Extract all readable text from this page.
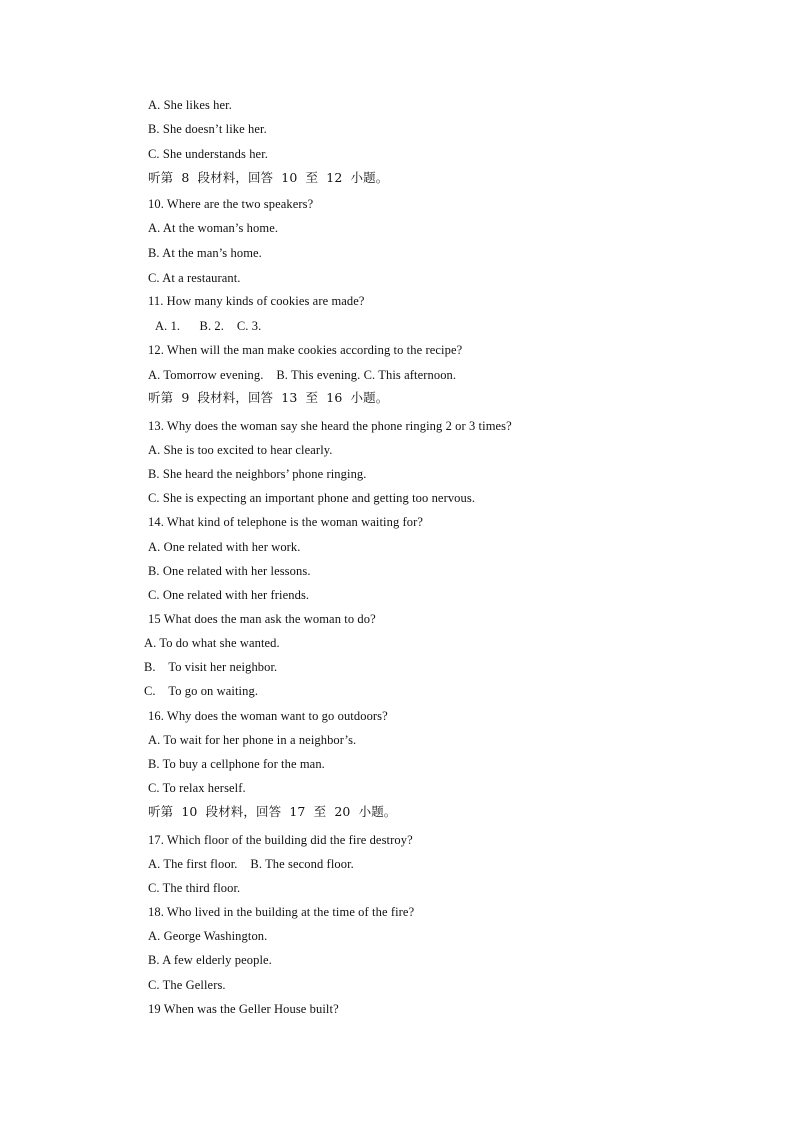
A. She likes her.
B. She doesn’t like her.
C. She understands her.
听第  8  段材料，回答  10  至  12  小题。
10. Where are the two speakers?
A. At the woman’s home.
B. At the man’s home.
C. At a restaurant.
11. How many kinds of cookies are made?
A. 1.      B. 2.    C. 3.
12. When will the man make cookies according to the recipe?
A. Tomorrow evening.    B. This evening. C. This afternoon.
听第  9  段材料，回答  13  至  16  小题。
13. Why does the woman say she heard the phone ringing 2 or 3 times?
A. She is too excited to hear clearly.
B. She heard the neighbors’ phone ringing.
C. She is expecting an important phone and getting too nervous.
14. What kind of telephone is the woman waiting for?
A. One related with her work.
B. One related with her lessons.
C. One related with her friends.
15 What does the man ask the woman to do?
A. To do what she wanted.
B.    To visit her neighbor.
C.    To go on waiting.
16. Why does the woman want to go outdoors?
A. To wait for her phone in a neighbor’s.
B. To buy a cellphone for the man.
C. To relax herself.
听第  10  段材料，回答  17  至  20  小题。
17. Which floor of the building did the fire destroy?
A. The first floor.    B. The second floor.
C. The third floor.
18. Who lived in the building at the time of the fire?
A. George Washington.
B. A few elderly people.
C. The Gellers.
19 When was the Geller House built?
